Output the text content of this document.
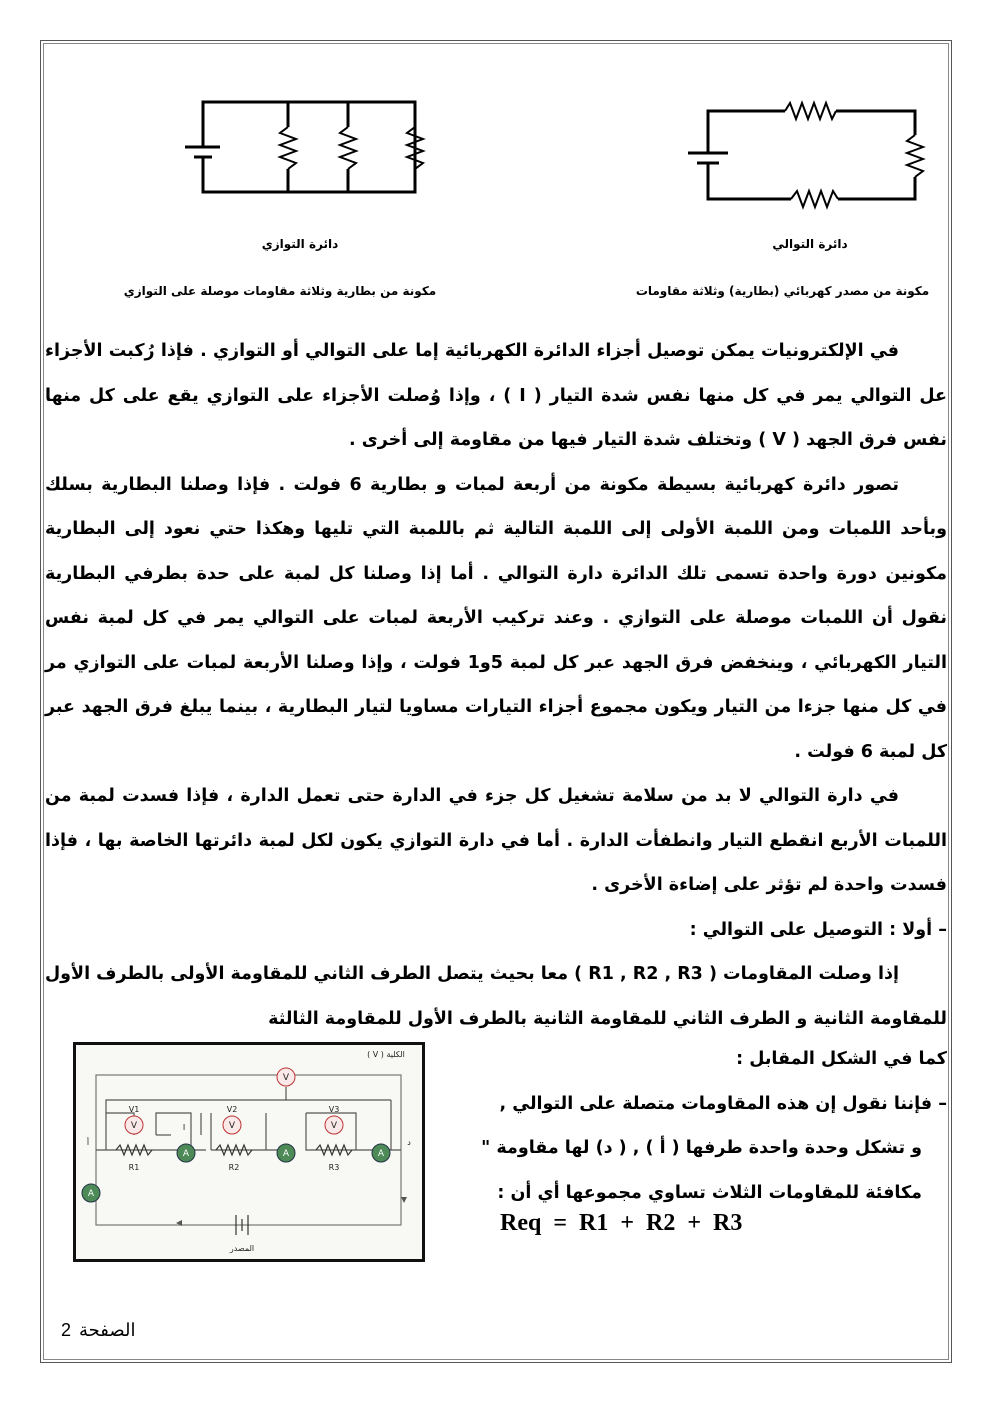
دائرة التوازي	دائرة التوالي
مكونة من بطارية وثلاثة مقاومات موصلة على التوازي	مكونة من مصدر كهربائي (بطارية) وثلاثة مقاومات

في الإلكترونيات يمكن توصيل أجزاء الدائرة الكهربائية إما على التوالي أو التوازي . فإذا رُكبت الأجزاء عل التوالي يمر في كل منها نفس شدة التيار ( I ) ، وإذا وُصلت الأجزاء على التوازي يقع على كل منها نفس فرق الجهد ( V ) وتختلف شدة التيار فيها من مقاومة إلى أخرى .

تصور دائرة كهربائية بسيطة مكونة من أربعة لمبات و بطارية 6 فولت . فإذا وصلنا البطارية بسلك وبأحد اللمبات ومن اللمبة الأولى إلى اللمبة التالية ثم باللمبة التي تليها وهكذا حتي نعود إلى البطارية مكونين دورة واحدة تسمى تلك الدائرة دارة التوالي . أما إذا وصلنا كل لمبة على حدة بطرفي البطارية نقول أن اللمبات موصلة على التوازي . وعند تركيب الأربعة لمبات على التوالي يمر في كل لمبة نفس التيار الكهربائي ، وينخفض فرق الجهد عبر كل لمبة 5و1 فولت ، وإذا وصلنا الأربعة لمبات على التوازي مر في كل منها جزءا من التيار ويكون مجموع أجزاء التيارات مساويا لتيار البطارية ، بينما يبلغ فرق الجهد عبر كل لمبة 6 فولت .

في دارة التوالي لا بد من سلامة تشغيل كل جزء في الدارة حتى تعمل الدارة ، فإذا فسدت لمبة من اللمبات الأربع انقطع التيار وانطفأت الدارة . أما في دارة التوازي يكون لكل لمبة دائرتها الخاصة بها ، فإذا فسدت واحدة لم تؤثر على إضاءة الأخرى .

– أولا : التوصيل على التوالي :

إذا وصلت المقاومات ( R1 , R2 , R3 ) معا بحيث يتصل الطرف الثاني للمقاومة الأولى بالطرف الأول للمقاومة الثانية و الطرف الثاني للمقاومة الثانية بالطرف الأول للمقاومة الثالثة

كما في الشكل المقابل :

– فإننا نقول إن هذه المقاومات متصلة على التوالي ,

و تشكل وحدة واحدة طرفها ( أ ) , ( د) لها مقاومة "

مكافئة للمقاومات الثلاث تساوي مجموعها أي أن :

Req  =  R1  +  R2  +  R3
V	V	V
V
A	A	A
A
V1	V2	V3
R1	R2	R3
I
( V ) الكلية
المصدر
أ	د
الصفحة2
